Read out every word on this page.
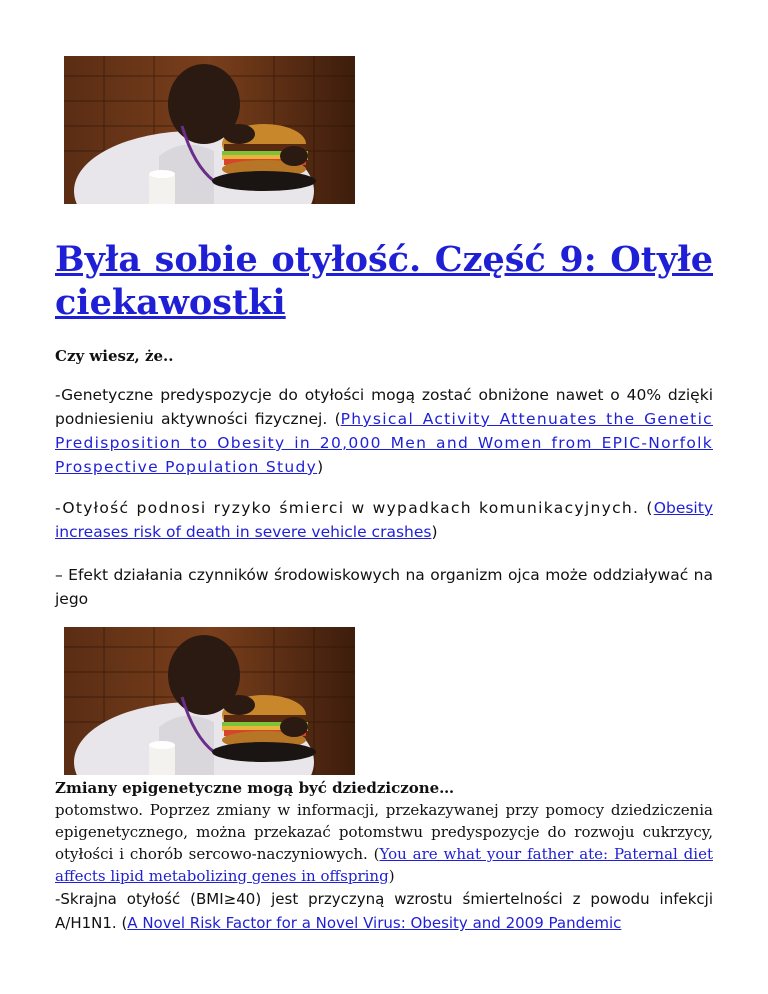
Była sobie otyłość. Część 9: Otyłe ciekawostki

Czy wiesz, że..

-Genetyczne predyspozycje do otyłości mogą zostać obniżone nawet o 40% dzięki podniesieniu aktywności fizycznej. (Physical Activity Attenuates the Genetic Predisposition to Obesity in 20,000 Men and Women from EPIC-Norfolk Prospective Population Study)

-Otyłość podnosi ryzyko śmierci w wypadkach komunikacyjnych. (Obesity increases risk of death in severe vehicle crashes)

– Efekt działania czynników środowiskowych na organizm ojca może oddziaływać na jego

Zmiany epigenetyczne mogą być dziedziczone…

potomstwo. Poprzez zmiany w informacji, przekazywanej przy pomocy dziedziczenia epigenetycznego, można przekazać potomstwu predyspozycje do rozwoju cukrzycy, otyłości i chorób sercowo-naczyniowych. (You are what your father ate: Paternal diet affects lipid metabolizing genes in offspring)

-Skrajna otyłość (BMI≥40) jest przyczyną wzrostu śmiertelności z powodu infekcji A/H1N1. (A Novel Risk Factor for a Novel Virus: Obesity and 2009 Pandemic
